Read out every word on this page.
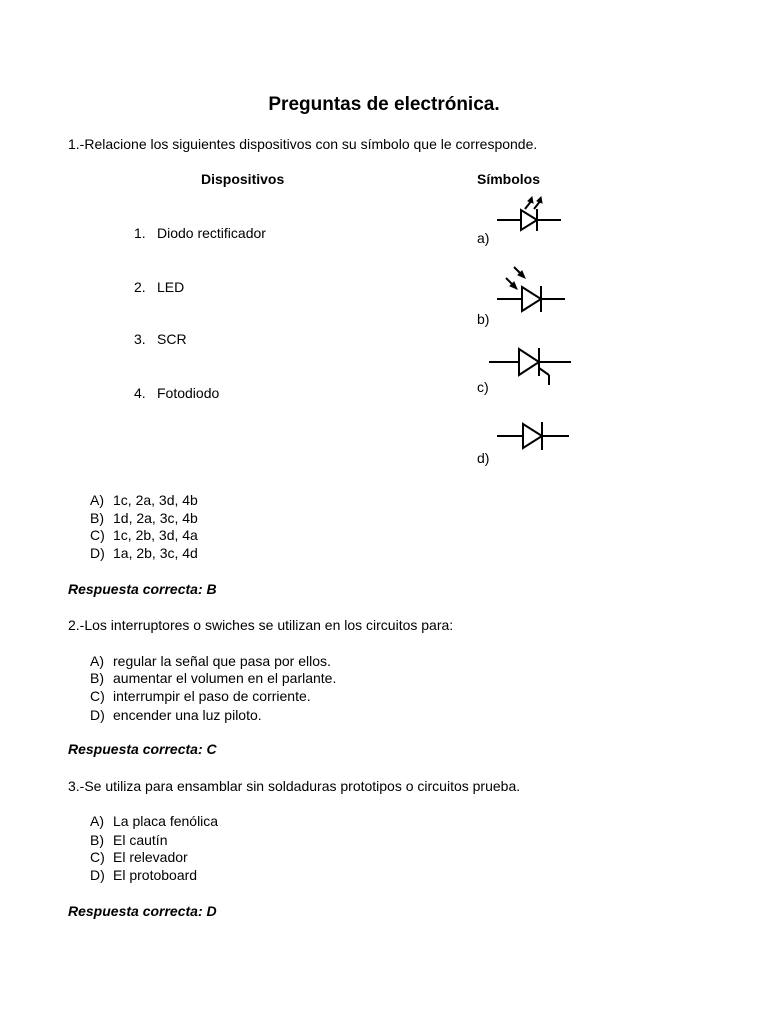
Preguntas de electrónica.
1.-Relacione los siguientes dispositivos con su símbolo que le corresponde.
Dispositivos	Símbolos
1. Diodo rectificador
2. LED
3. SCR
4. Fotodiodo
a)
b)
c)
d)
A) 1c, 2a, 3d, 4b
B) 1d, 2a, 3c, 4b
C) 1c, 2b, 3d, 4a
D) 1a, 2b, 3c, 4d
Respuesta correcta: B
2.-Los interruptores o swiches se utilizan en los circuitos para:
A) regular la señal que pasa por ellos.
B) aumentar el volumen en el parlante.
C) interrumpir el paso de corriente.
D) encender una luz piloto.
Respuesta correcta: C
3.-Se utiliza para ensamblar sin soldaduras prototipos o circuitos prueba.
A) La placa fenólica
B) El cautín
C) El relevador
D) El protoboard
Respuesta correcta: D
